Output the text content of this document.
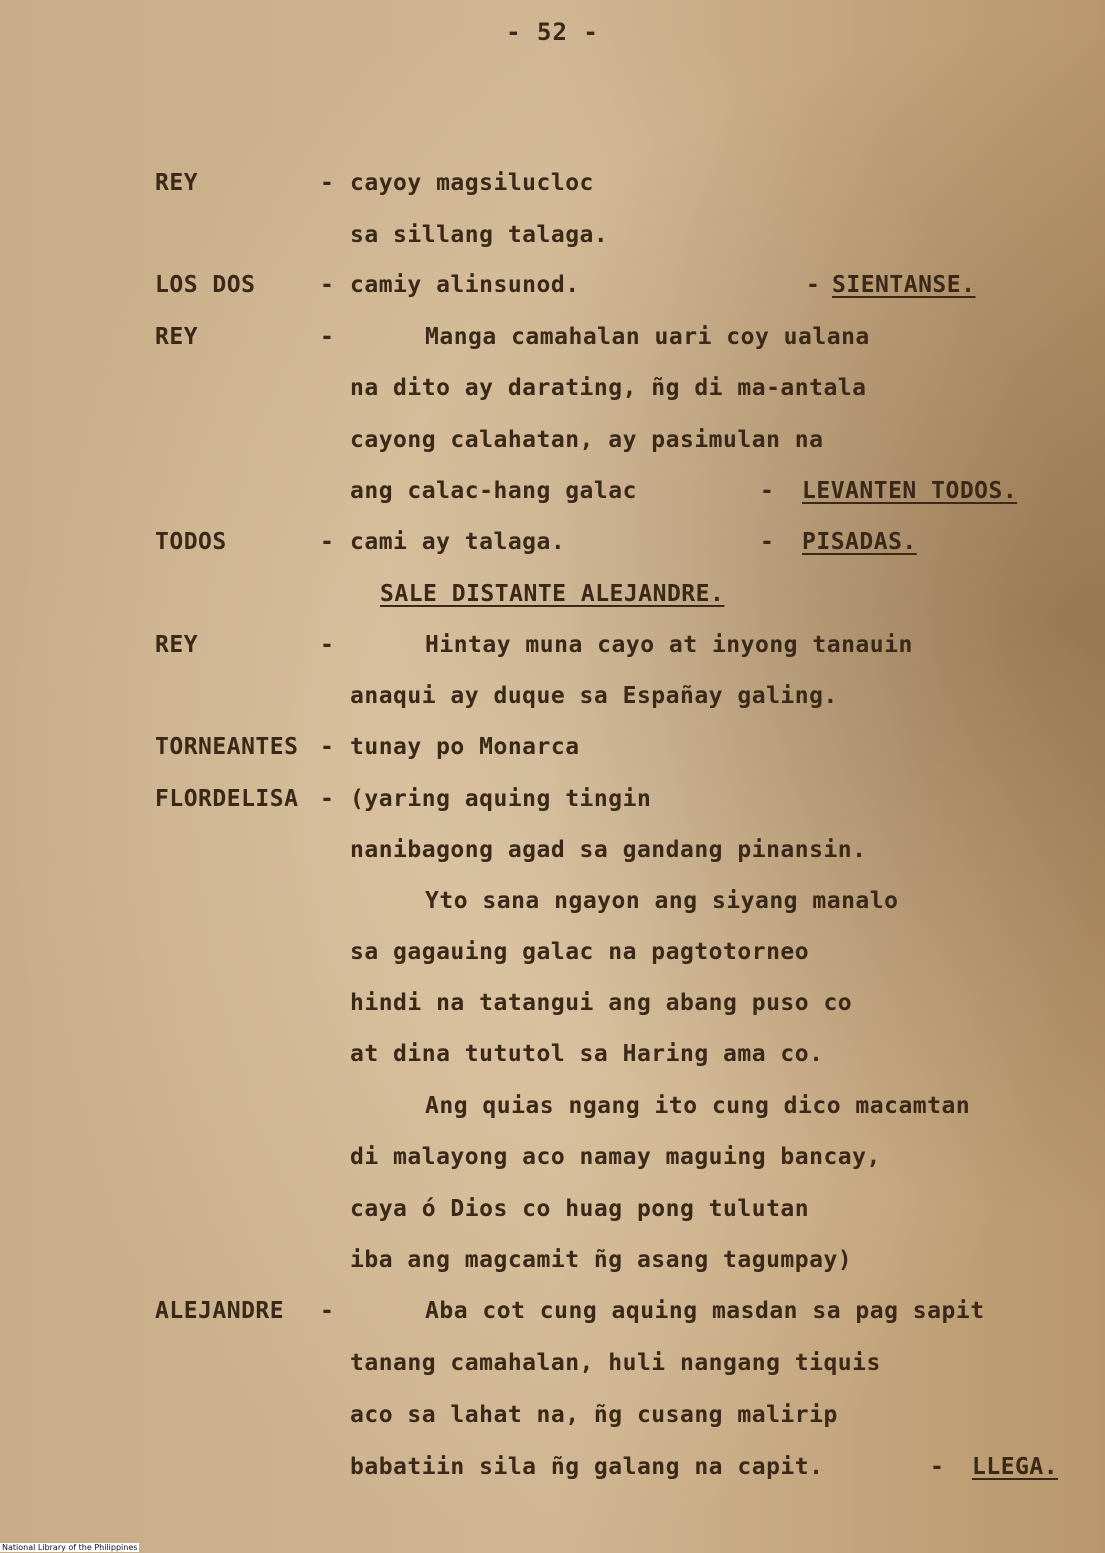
- 52 -
REY	- cayoy magsilucloc
sa sillang talaga.
LOS DOS	- camiy alinsunod.	- SIENTANSE.
REY	-	Manga camahalan uari coy ualana
na dito ay darating, ñg di ma-antala
cayong calahatan, ay pasimulan na
ang calac-hang galac	- LEVANTEN TODOS.
TODOS	- cami ay talaga.	- PISADAS.
SALE DISTANTE ALEJANDRE.
REY	-	Hintay muna cayo at inyong tanauin
anaqui ay duque sa Españay galing.
TORNEANTES - tunay po Monarca
FLORDELISA - (yaring aquing tingin
nanibagong agad sa gandang pinansin.
Yto sana ngayon ang siyang manalo
sa gagauing galac na pagtotorneo
hindi na tatangui ang abang puso co
at dina tututol sa Haring ama co.
Ang quias ngang ito cung dico macamtan
di malayong aco namay maguing bancay,
caya ó Dios co huag pong tulutan
iba ang magcamit ñg asang tagumpay)
ALEJANDRE -	Aba cot cung aquing masdan sa pag sapit
tanang camahalan, huli nangang tiquis
aco sa lahat na, ñg cusang malirip
babatiin sila ñg galang na capit.	- LLEGA.
National Library of the Philippines
